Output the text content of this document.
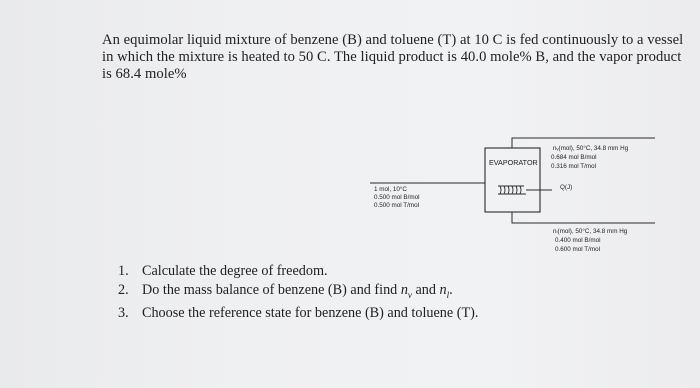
An equimolar liquid mixture of benzene (B) and toluene (T) at 10 C is fed continuously to a vessel
in which the mixture is heated to 50 C. The liquid product is 40.0 mole% B, and the vapor product
is 68.4 mole%
EVAPORATOR
1 mol, 10°C
0.500 mol B/mol
0.500 mol T/mol
nᵥ(mol), 50°C, 34.8 mm Hg
0.684 mol B/mol
0.316 mol T/mol
Q(J)
nₗ(mol), 50°C, 34.8 mm Hg
0.400 mol B/mol
0.600 mol T/mol
1. Calculate the degree of freedom.
2. Do the mass balance of benzene (B) and find $n_v$ and $n_l$.
3. Choose the reference state for benzene (B) and toluene (T).
